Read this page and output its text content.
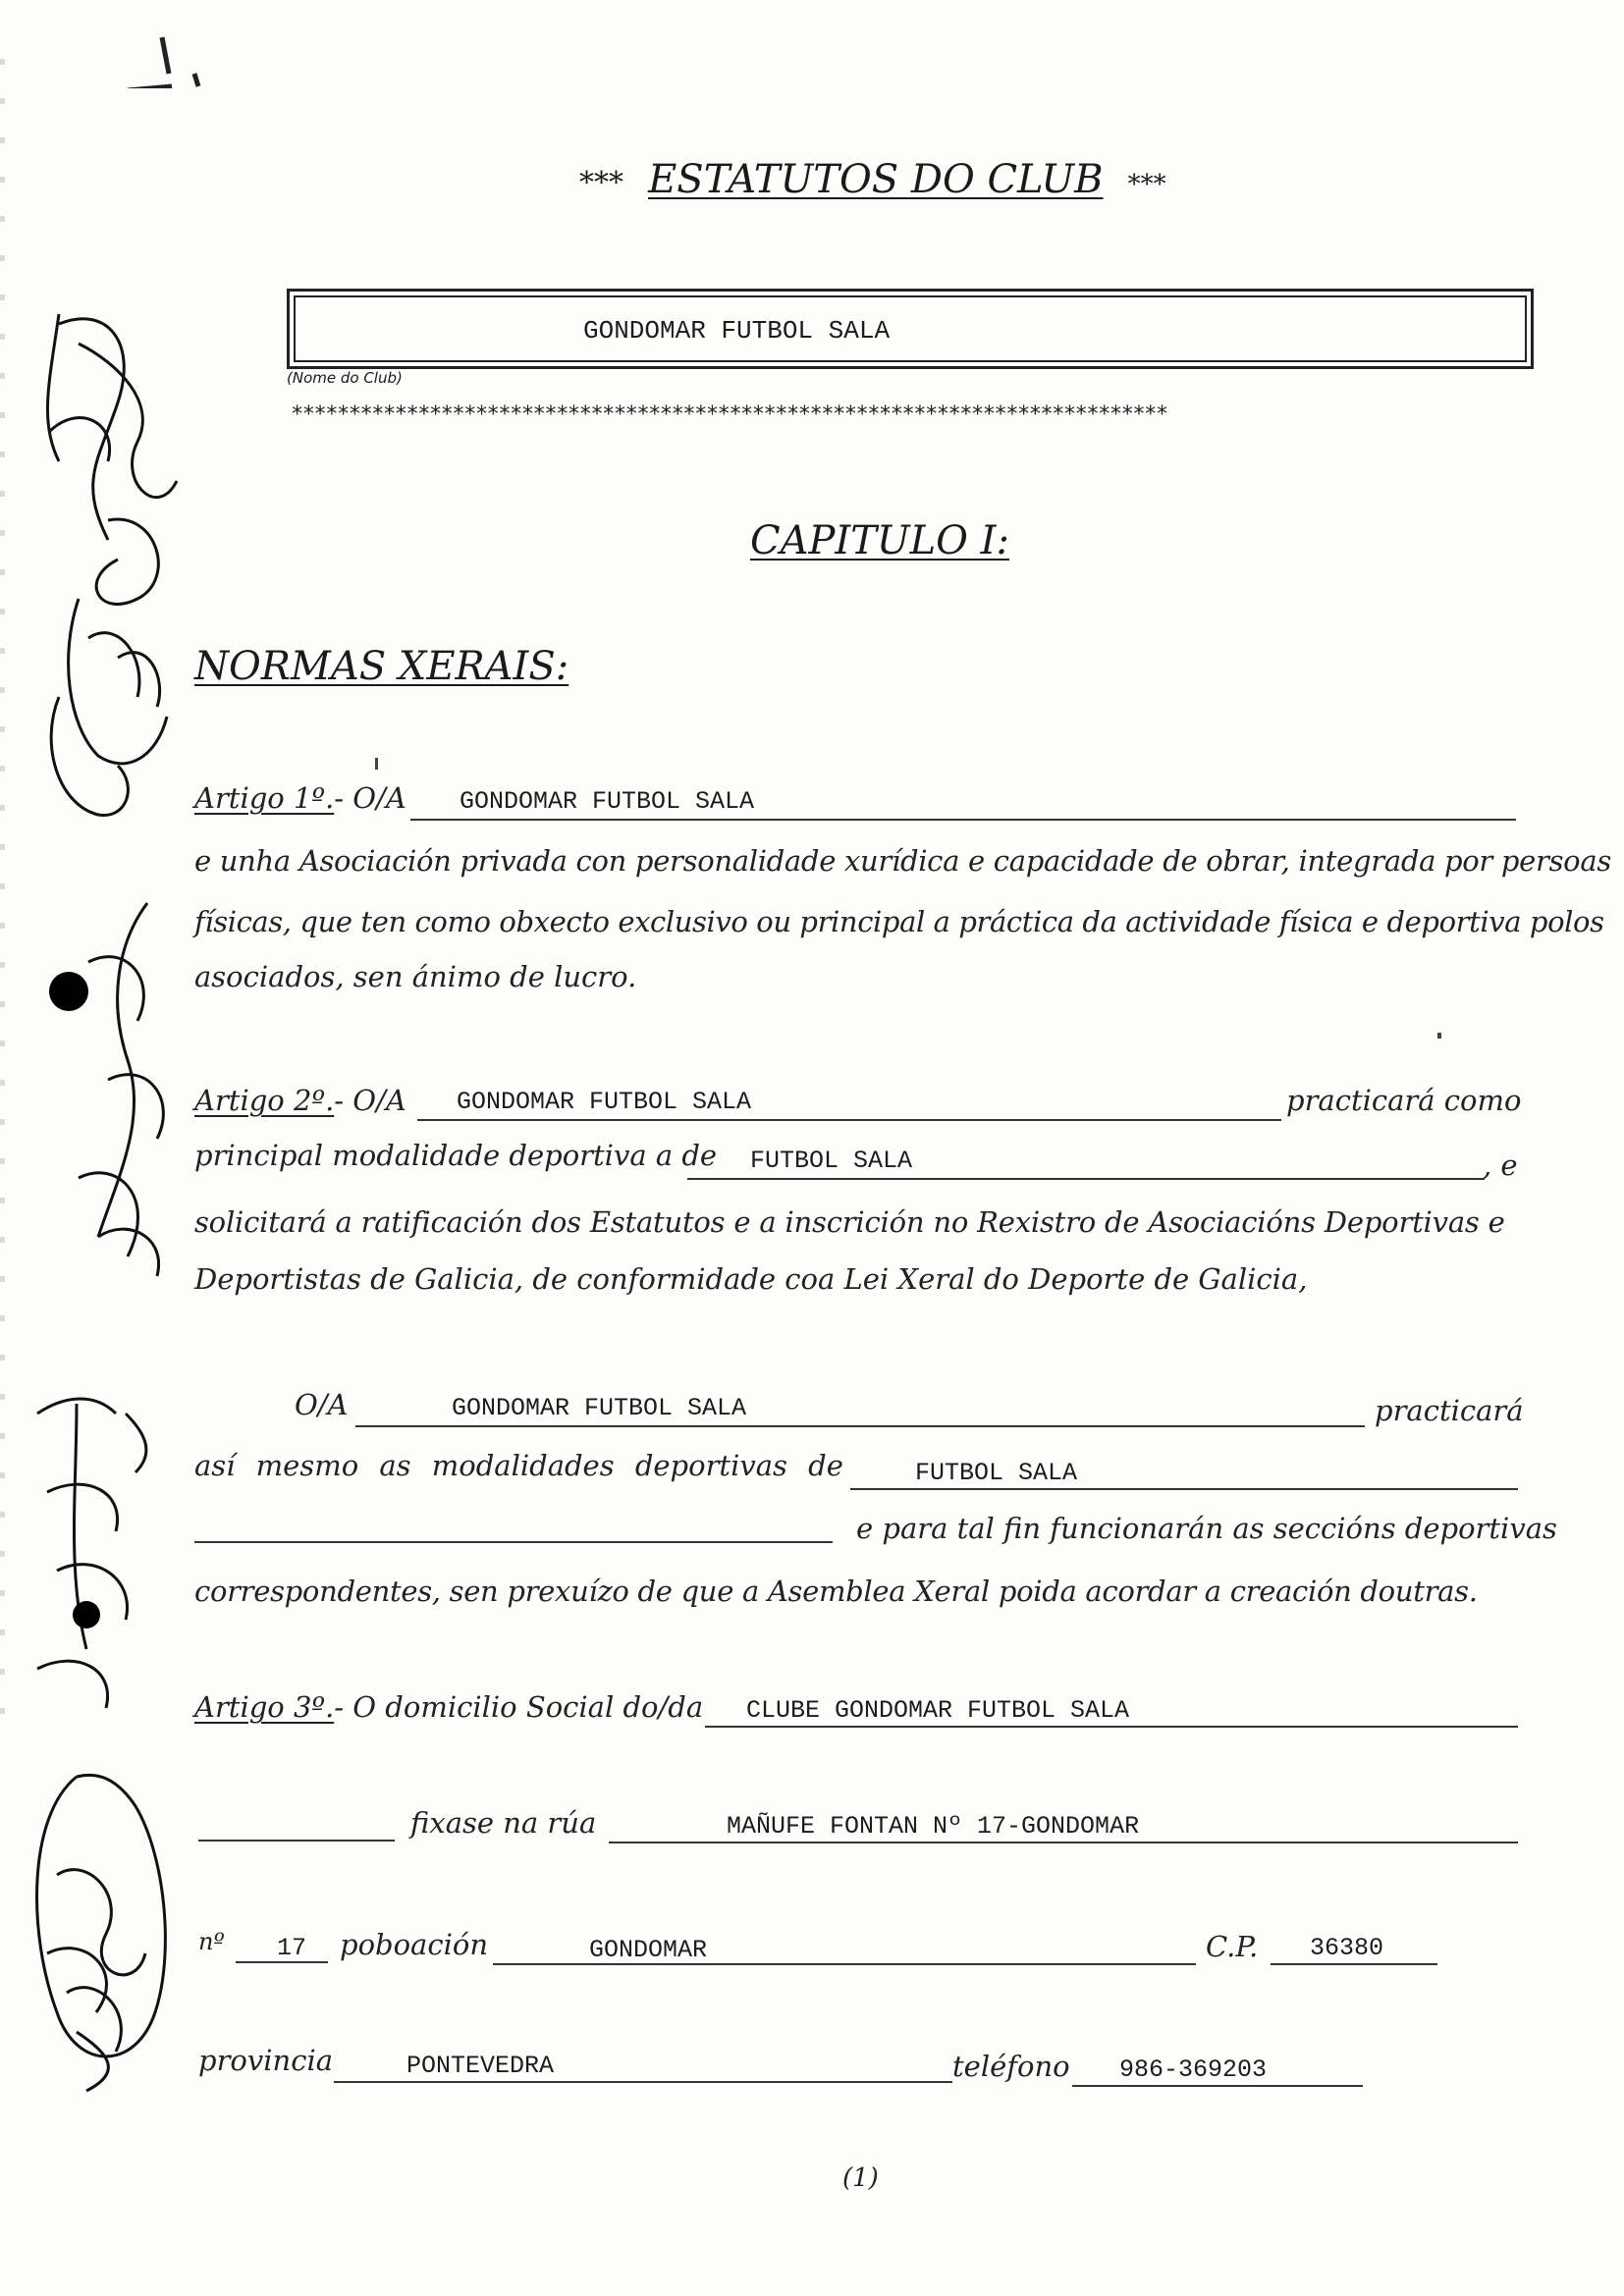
*** ESTATUTOS DO CLUB ***
GONDOMAR FUTBOL SALA
(Nome do Club)
****************************************************************************
CAPITULO I:
NORMAS XERAIS:
Artigo 1º.- O/A GONDOMAR FUTBOL SALA
e unha Asociación privada con personalidade xurídica e capacidade de obrar, integrada por persoas
físicas, que ten como obxecto exclusivo ou principal a práctica da actividade física e deportiva polos
asociados, sen ánimo de lucro.
Artigo 2º.- O/A GONDOMAR FUTBOL SALA	practicará como
principal modalidade deportiva a de FUTBOL SALA	, e
solicitará a ratificación dos Estatutos e a inscrición no Rexistro de Asociacións Deportivas e
Deportistas de Galicia, de conformidade coa Lei Xeral do Deporte de Galicia,
O/A	GONDOMAR FUTBOL SALA	practicará
así mesmo as modalidades deportivas de	FUTBOL SALA
e para tal fin funcionarán as seccións deportivas
correspondentes, sen prexuízo de que a Asemblea Xeral poida acordar a creación doutras.
Artigo 3º.- O domicilio Social do/da CLUBE GONDOMAR FUTBOL SALA
fixase na rúa	MAÑUFE FONTAN Nº 17-GONDOMAR
nº 17 poboación	GONDOMAR	C.P. 36380
provincia	PONTEVEDRA	teléfono 986-369203
(1)
